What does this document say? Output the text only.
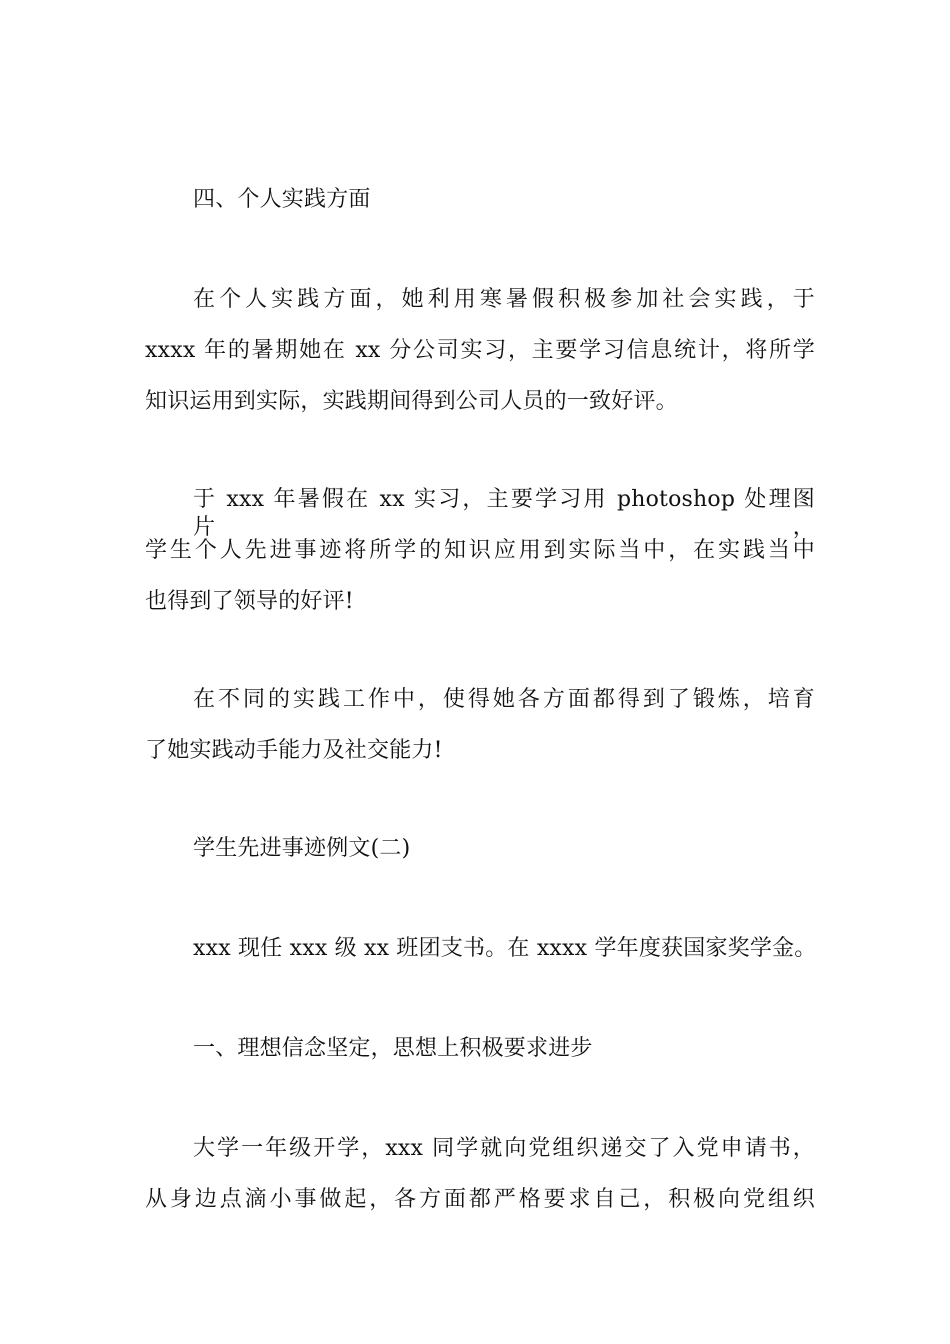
四、个人实践方面
在个人实践方面，她利用寒暑假积极参加社会实践，于
xxxx 年的暑期她在 xx 分公司实习，主要学习信息统计，将所学
知识运用到实际，实践期间得到公司人员的一致好评。
于 xxx 年暑假在 xx 实习，主要学习用 photoshop 处理图片，
学生个人先进事迹将所学的知识应用到实际当中，在实践当中
也得到了领导的好评!
在不同的实践工作中，使得她各方面都得到了锻炼，培育
了她实践动手能力及社交能力!
学生先进事迹例文(二)
xxx 现任 xxx 级 xx 班团支书。在 xxxx 学年度获国家奖学金。
一、理想信念坚定，思想上积极要求进步
大学一年级开学，xxx 同学就向党组织递交了入党申请书，
从身边点滴小事做起，各方面都严格要求自己，积极向党组织
